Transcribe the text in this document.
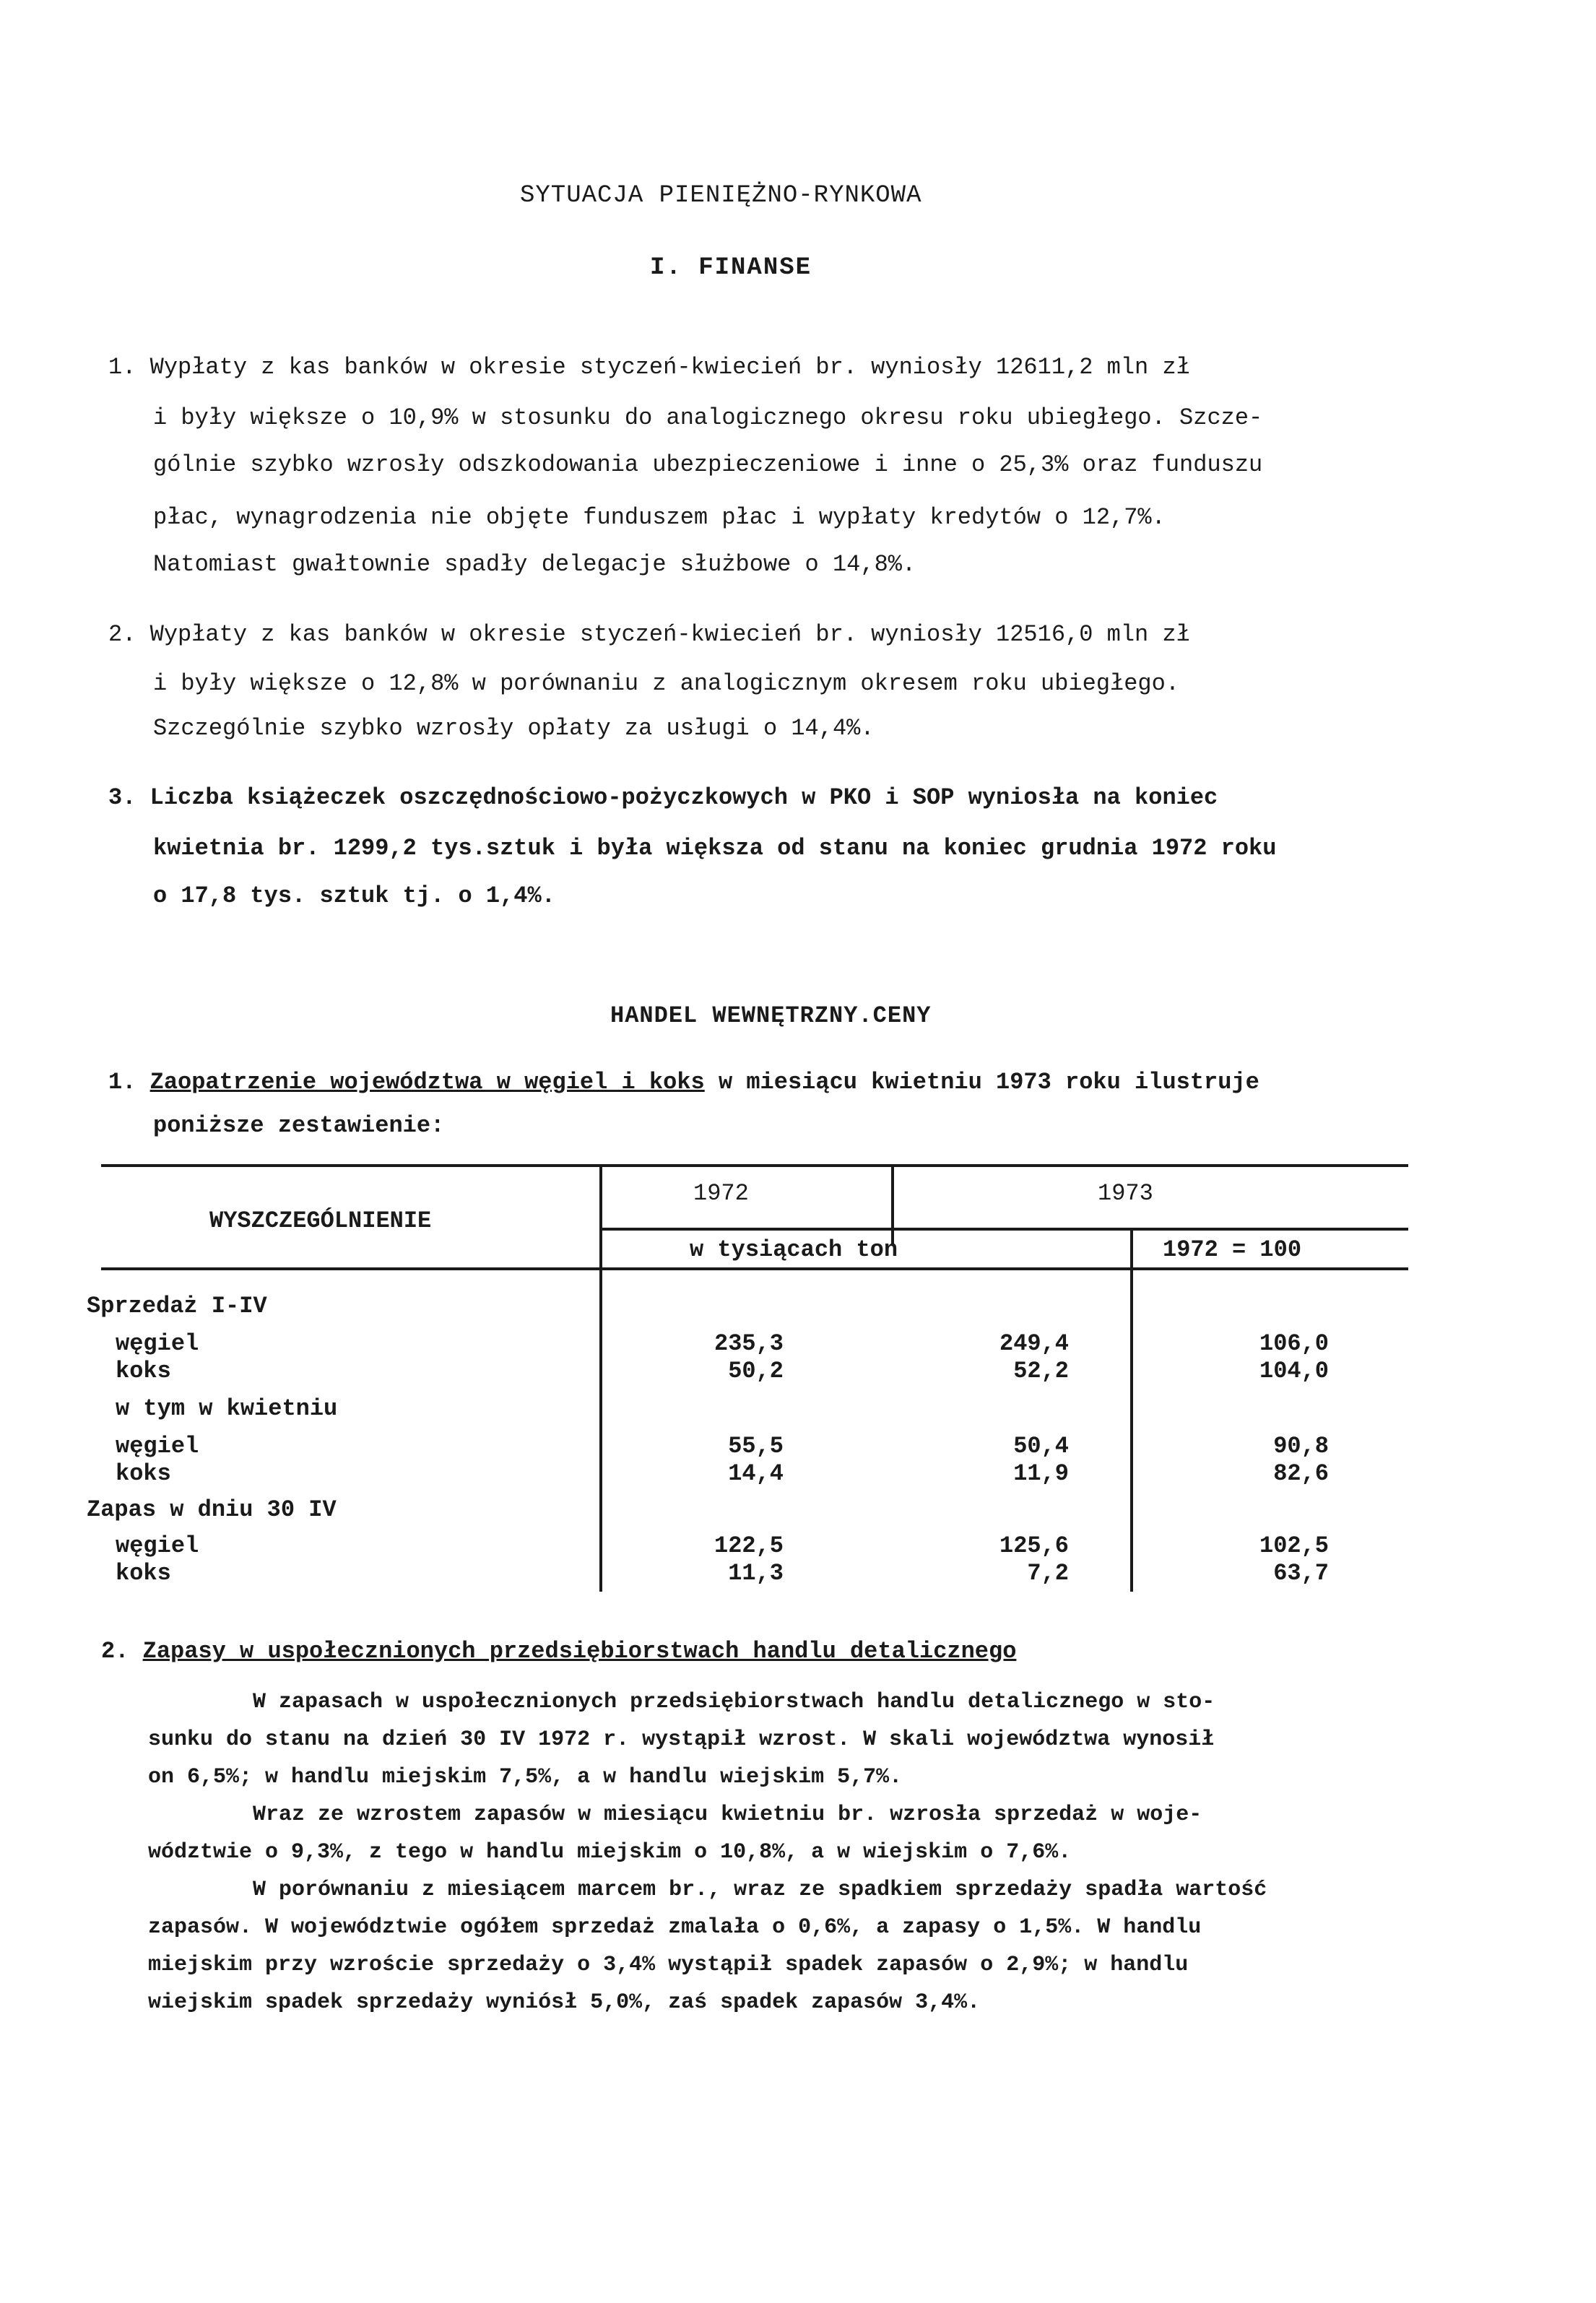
SYTUACJA PIENIĘŻNO-RYNKOWA
I. FINANSE
1. Wypłaty z kas banków w okresie styczeń-kwiecień br. wyniosły 12611,2 mln zł
i były większe o 10,9% w stosunku do analogicznego okresu roku ubiegłego. Szcze-
gólnie szybko wzrosły odszkodowania ubezpieczeniowe i inne o 25,3% oraz funduszu
płac, wynagrodzenia nie objęte funduszem płac i wypłaty kredytów o 12,7%.
Natomiast gwałtownie spadły delegacje służbowe o 14,8%.
2. Wypłaty z kas banków w okresie styczeń-kwiecień br. wyniosły 12516,0 mln zł
i były większe o 12,8% w porównaniu z analogicznym okresem roku ubiegłego.
Szczególnie szybko wzrosły opłaty za usługi o 14,4%.
3. Liczba książeczek oszczędnościowo-pożyczkowych w PKO i SOP wyniosła na koniec
kwietnia br. 1299,2 tys.sztuk i była większa od stanu na koniec grudnia 1972 roku
o 17,8 tys. sztuk tj. o 1,4%.
HANDEL WEWNĘTRZNY.CENY
1. Zaopatrzenie województwa w węgiel i koks w miesiącu kwietniu 1973 roku ilustruje
poniższe zestawienie:
WYSZCZEGÓLNIENIE
1972	1973
w tysiącach ton	1972 = 100
Sprzedaż I-IV
węgiel	235,3	249,4	106,0
koks	50,2	52,2	104,0
w tym w kwietniu
węgiel	55,5	50,4	90,8
koks	14,4	11,9	82,6
Zapas w dniu 30 IV
węgiel	122,5	125,6	102,5
koks	11,3	7,2	63,7
2. Zapasy w uspołecznionych przedsiębiorstwach handlu detalicznego
W zapasach w uspołecznionych przedsiębiorstwach handlu detalicznego w sto-
sunku do stanu na dzień 30 IV 1972 r. wystąpił wzrost. W skali województwa wynosił
on 6,5%; w handlu miejskim 7,5%, a w handlu wiejskim 5,7%.
Wraz ze wzrostem zapasów w miesiącu kwietniu br. wzrosła sprzedaż w woje-
wództwie o 9,3%, z tego w handlu miejskim o 10,8%, a w wiejskim o 7,6%.
W porównaniu z miesiącem marcem br., wraz ze spadkiem sprzedaży spadła wartość
zapasów. W województwie ogółem sprzedaż zmalała o 0,6%, a zapasy o 1,5%. W handlu
miejskim przy wzroście sprzedaży o 3,4% wystąpił spadek zapasów o 2,9%; w handlu
wiejskim spadek sprzedaży wyniósł 5,0%, zaś spadek zapasów 3,4%.
